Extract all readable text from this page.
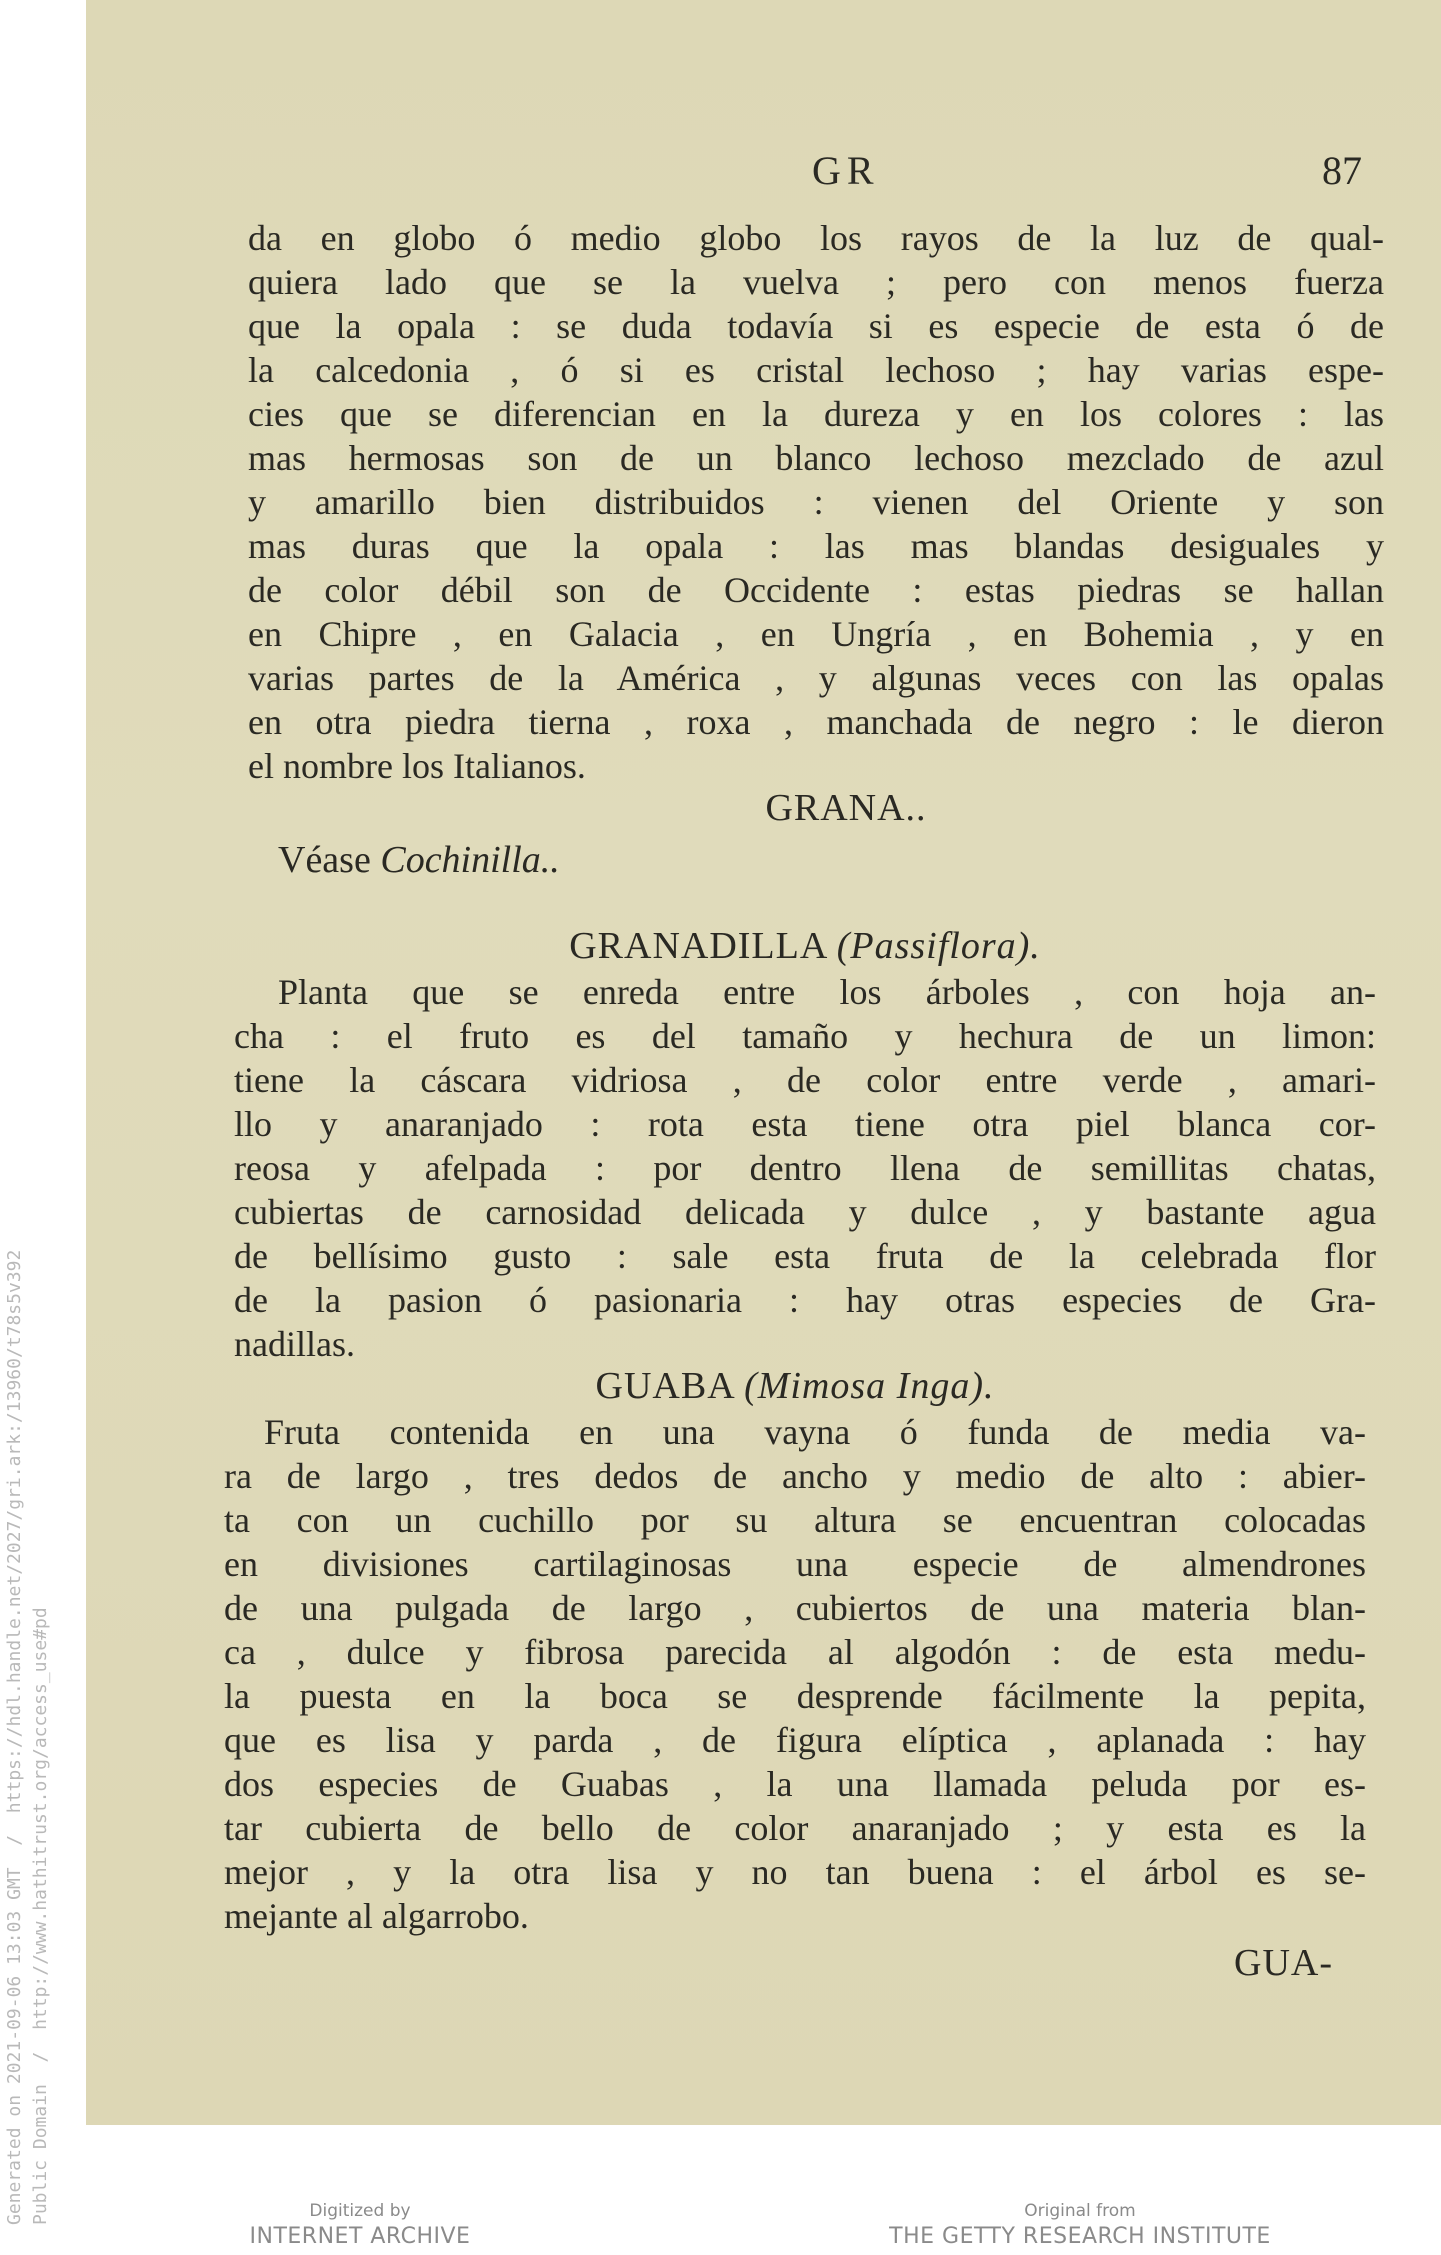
Generated on 2021-09-06 13:03 GMT  /  https://hdl.handle.net/2027/gri.ark:/13960/t78s5v392
Public Domain  /  http://www.hathitrust.org/access_use#pd
GR	87
da en globo ó medio globo los rayos de la luz de qual-
quiera lado que se la vuelva ; pero con menos fuerza
que la opala : se duda todavía si es especie de esta ó de
la calcedonia , ó si es cristal lechoso ; hay varias espe-
cies que se diferencian en la dureza y en los colores : las
mas hermosas son de un blanco lechoso mezclado de azul
y amarillo bien distribuidos : vienen del Oriente y son
mas duras que la opala : las mas blandas desiguales y
de color débil son de Occidente : estas piedras se hallan
en Chipre , en Galacia , en Ungría , en Bohemia , y en
varias partes de la América , y algunas veces con las opalas
en otra piedra tierna , roxa , manchada de negro : le dieron
el nombre los Italianos.
GRANA..
Véase Cochinilla..
GRANADILLA (Passiflora).
Planta que se enreda entre los árboles , con hoja an-
cha : el fruto es del tamaño y hechura de un limon:
tiene la cáscara vidriosa , de color entre verde , amari-
llo y anaranjado : rota esta tiene otra piel blanca cor-
reosa y afelpada : por dentro llena de semillitas chatas,
cubiertas de carnosidad delicada y dulce , y bastante agua
de bellísimo gusto : sale esta fruta de la celebrada flor
de la pasion ó pasionaria : hay otras especies de Gra-
nadillas.
GUABA (Mimosa Inga).
Fruta contenida en una vayna ó funda de media va-
ra de largo , tres dedos de ancho y medio de alto : abier-
ta con un cuchillo por su altura se encuentran colocadas
en divisiones cartilaginosas una especie de almendrones
de una pulgada de largo , cubiertos de una materia blan-
ca , dulce y fibrosa parecida al algodón : de esta medu-
la puesta en la boca se desprende fácilmente la pepita,
que es lisa y parda , de figura elíptica , aplanada : hay
dos especies de Guabas , la una llamada peluda por es-
tar cubierta de bello de color anaranjado ; y esta es la
mejor , y la otra lisa y no tan buena : el árbol es se-
mejante al algarrobo.
GUA-
Digitized by
INTERNET ARCHIVE
Original from
THE GETTY RESEARCH INSTITUTE
